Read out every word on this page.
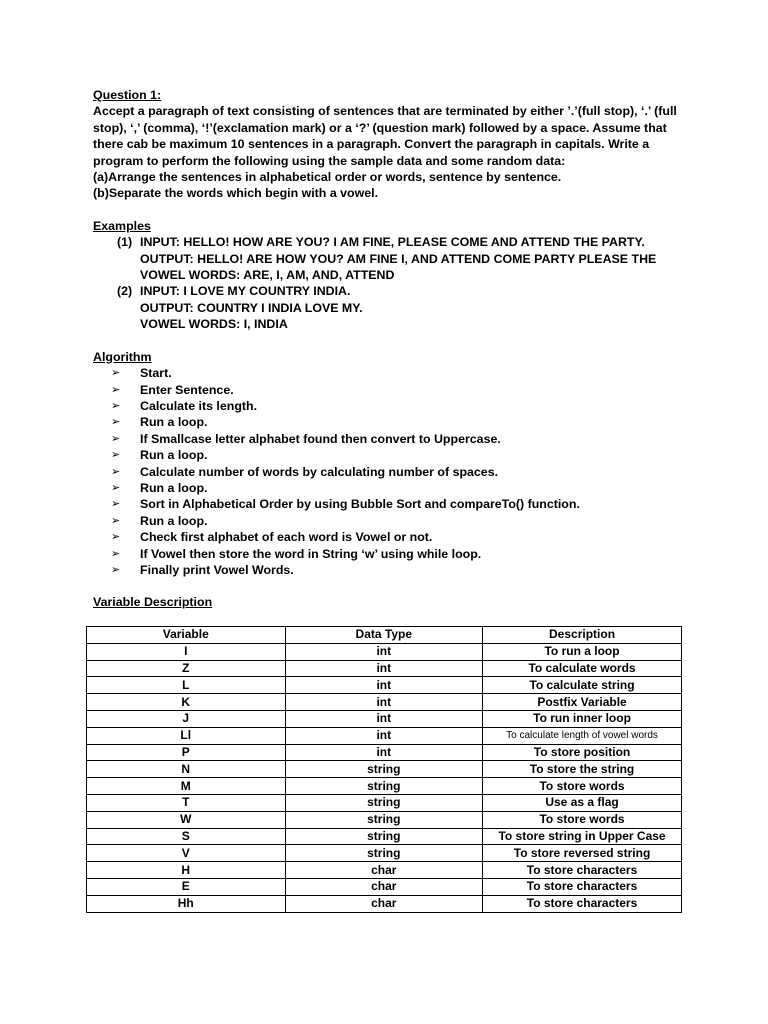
Question 1:
Accept a paragraph of text consisting of sentences that are terminated by either ’.’(full stop), ‘.’ (full
stop), ‘,’ (comma), ‘!’(exclamation mark) or a ‘?’ (question mark) followed by a space. Assume that
there cab be maximum 10 sentences in a paragraph. Convert the paragraph in capitals. Write a
program to perform the following using the sample data and some random data:
(a)Arrange the sentences in alphabetical order or words, sentence by sentence.
(b)Separate the words which begin with a vowel.
Examples
(1) INPUT: HELLO! HOW ARE YOU? I AM FINE, PLEASE COME AND ATTEND THE PARTY.
OUTPUT: HELLO! ARE HOW YOU? AM FINE I, AND ATTEND COME PARTY PLEASE THE
VOWEL WORDS: ARE, I, AM, AND, ATTEND
(2) INPUT: I LOVE MY COUNTRY INDIA.
OUTPUT: COUNTRY I INDIA LOVE MY.
VOWEL WORDS: I, INDIA
Algorithm
➢	Start.
➢	Enter Sentence.
➢	Calculate its length.
➢	Run a loop.
➢	If Smallcase letter alphabet found then convert to Uppercase.
➢	Run a loop.
➢	Calculate number of words by calculating number of spaces.
➢	Run a loop.
➢	Sort in Alphabetical Order by using Bubble Sort and compareTo() function.
➢	Run a loop.
➢	Check first alphabet of each word is Vowel or not.
➢	If Vowel then store the word in String ‘w’ using while loop.
➢	Finally print Vowel Words.
Variable Description
Variable	Data Type	Description
I	int	To run a loop
Z	int	To calculate words
L	int	To calculate string
K	int	Postfix Variable
J	int	To run inner loop
Ll	int	To calculate length of vowel words
P	int	To store position
N	string	To store the string
M	string	To store words
T	string	Use as a flag
W	string	To store words
S	string	To store string in Upper Case
V	string	To store reversed string
H	char	To store characters
E	char	To store characters
Hh	char	To store characters
